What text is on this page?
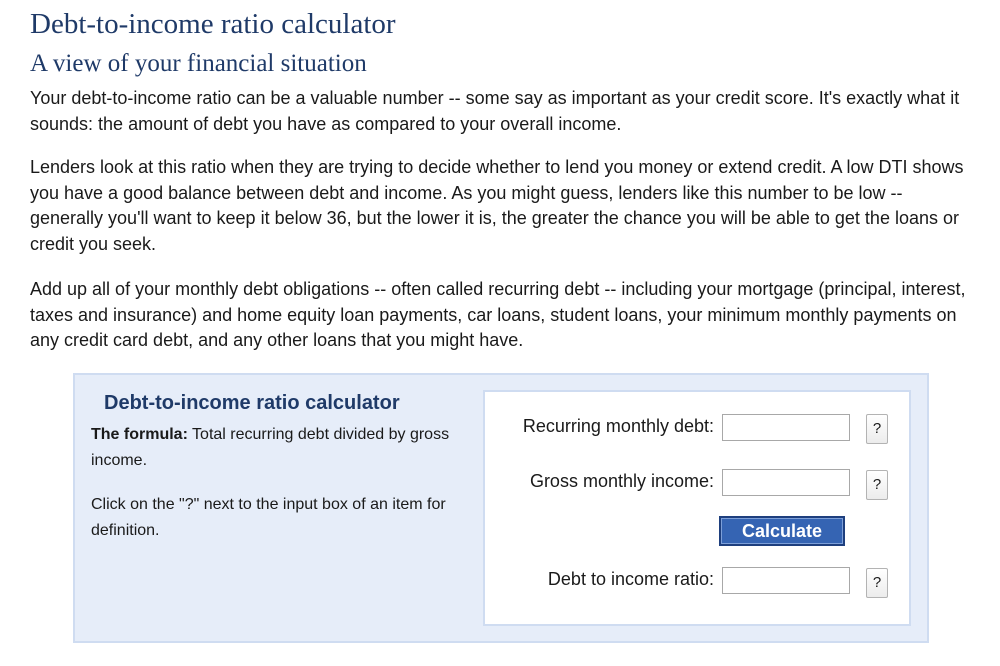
Debt-to-income ratio calculator
A view of your financial situation

Your debt-to-income ratio can be a valuable number -- some say as important as your credit score. It's exactly what it sounds: the amount of debt you have as compared to your overall income.

Lenders look at this ratio when they are trying to decide whether to lend you money or extend credit. A low DTI shows you have a good balance between debt and income. As you might guess, lenders like this number to be low -- generally you'll want to keep it below 36, but the lower it is, the greater the chance you will be able to get the loans or credit you seek.

Add up all of your monthly debt obligations -- often called recurring debt -- including your mortgage (principal, interest, taxes and insurance) and home equity loan payments, car loans, student loans, your minimum monthly payments on any credit card debt, and any other loans that you might have.

Debt-to-income ratio calculator

The formula: Total recurring debt divided by gross income.

Click on the "?" next to the input box of an item for definition.

Recurring monthly debt:	?
Gross monthly income:	?
Calculate
Debt to income ratio:	?
